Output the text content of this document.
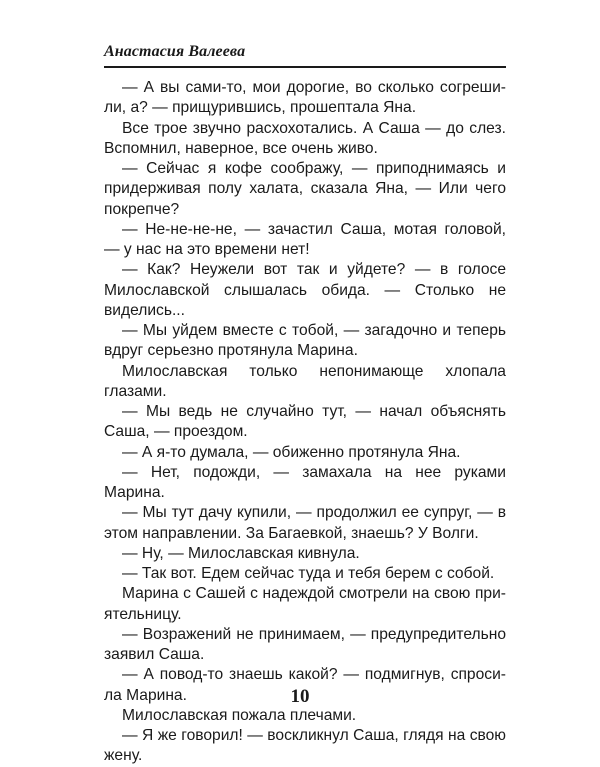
Анастасия Валеева

— А вы сами-то, мои дорогие, во сколько согрешили, а? — прищурившись, прошептала Яна.

Все трое звучно расхохотались. А Саша — до слез. Вспомнил, наверное, все очень живо.

— Сейчас я кофе соображу, — приподнимаясь и придерживая полу халата, сказала Яна, — Или чего покрепче?

— Не-не-не-не, — зачастил Саша, мотая головой, — у нас на это времени нет!

— Как? Неужели вот так и уйдете? — в голосе Милославской слышалась обида. — Столько не виделись...

— Мы уйдем вместе с тобой, — загадочно и теперь вдруг серьезно протянула Марина.

Милославская только непонимающе хлопала глазами.

— Мы ведь не случайно тут, — начал объяснять Саша, — проездом.

— А я-то думала, — обиженно протянула Яна.

— Нет, подожди, — замахала на нее руками Марина.

— Мы тут дачу купили, — продолжил ее супруг, — в этом направлении. За Багаевкой, знаешь? У Волги.

— Ну, — Милославская кивнула.

— Так вот. Едем сейчас туда и тебя берем с собой.

Марина с Сашей с надеждой смотрели на свою приятельницу.

— Возражений не принимаем, — предупредительно заявил Саша.

— А повод-то знаешь какой? — подмигнув, спросила Марина.

Милославская пожала плечами.

— Я же говорил! — воскликнул Саша, глядя на свою жену.

10
